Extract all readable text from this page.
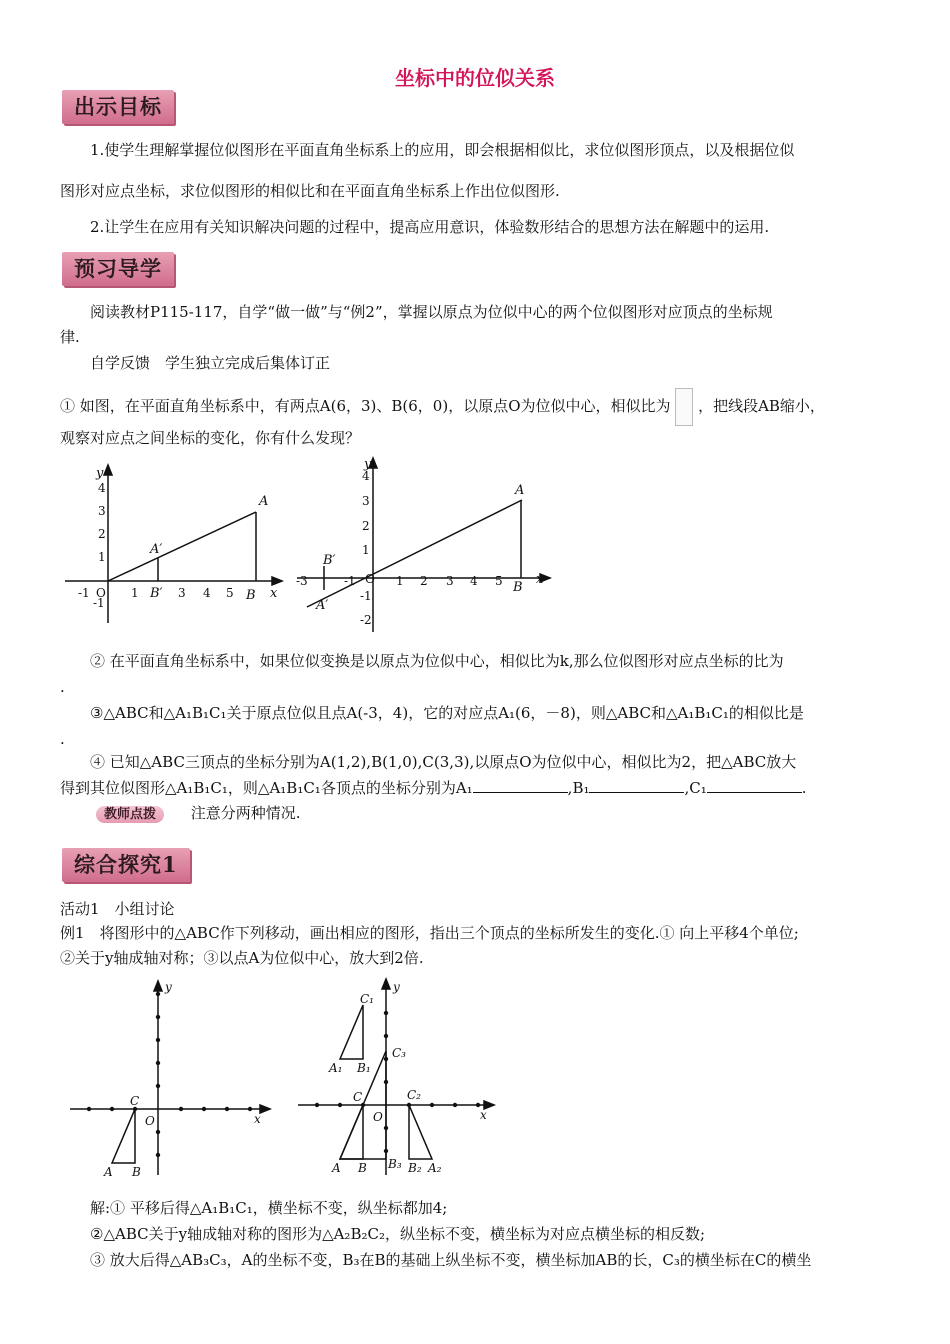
坐标中的位似关系
出示目标
1.使学生理解掌握位似图形在平面直角坐标系上的应用，即会根据相似比，求位似图形顶点，以及根据位似
图形对应点坐标，求位似图形的相似比和在平面直角坐标系上作出位似图形.
2.让学生在应用有关知识解决问题的过程中，提高应用意识，体验数形结合的思想方法在解题中的运用.
预习导学
阅读教材P115-117，自学“做一做”与“例2”，掌握以原点为位似中心的两个位似图形对应顶点的坐标规
律.
自学反馈　学生独立完成后集体订正
① 如图，在平面直角坐标系中，有两点A(6，3)、B(6，0)，以原点O为位似中心，相似比为 ，把线段AB缩小，
观察对应点之间坐标的变化，你有什么发现？
y
x
A
B
A′
B′
4
3
2
1
-1
O
-1	1	3 4 5
y
x
A
B
A′
B′
4
3
2
1
-1
-2
-3	-1 O 1 2 3 4 5
② 在平面直角坐标系中，如果位似变换是以原点为位似中心，相似比为k,那么位似图形对应点坐标的比为
.
③△ABC和△A₁B₁C₁关于原点位似且点A(-3，4)，它的对应点A₁(6，－8)，则△ABC和△A₁B₁C₁的相似比是
.
④ 已知△ABC三顶点的坐标分别为A(1,2),B(1,0),C(3,3),以原点O为位似中心，相似比为2，把△ABC放大
得到其位似图形△A₁B₁C₁，则△A₁B₁C₁各顶点的坐标分别为A₁	,B₁	,C₁	.
教师点拨 注意分两种情况.
综合探究1
活动1　小组讨论
例1　将图形中的△ABC作下列移动，画出相应的图形，指出三个顶点的坐标所发生的变化.① 向上平移4个单位;
②关于y轴成轴对称；③以点A为位似中心，放大到2倍.
y
x
O
A B
C
y
x
O
A B
C
A₁ B₁
C₁
A₂
B₂
C₂
B₃
C₃
解:① 平移后得△A₁B₁C₁，横坐标不变，纵坐标都加4;
②△ABC关于y轴成轴对称的图形为△A₂B₂C₂，纵坐标不变，横坐标为对应点横坐标的相反数;
③ 放大后得△AB₃C₃，A的坐标不变，B₃在B的基础上纵坐标不变，横坐标加AB的长，C₃的横坐标在C的横坐
